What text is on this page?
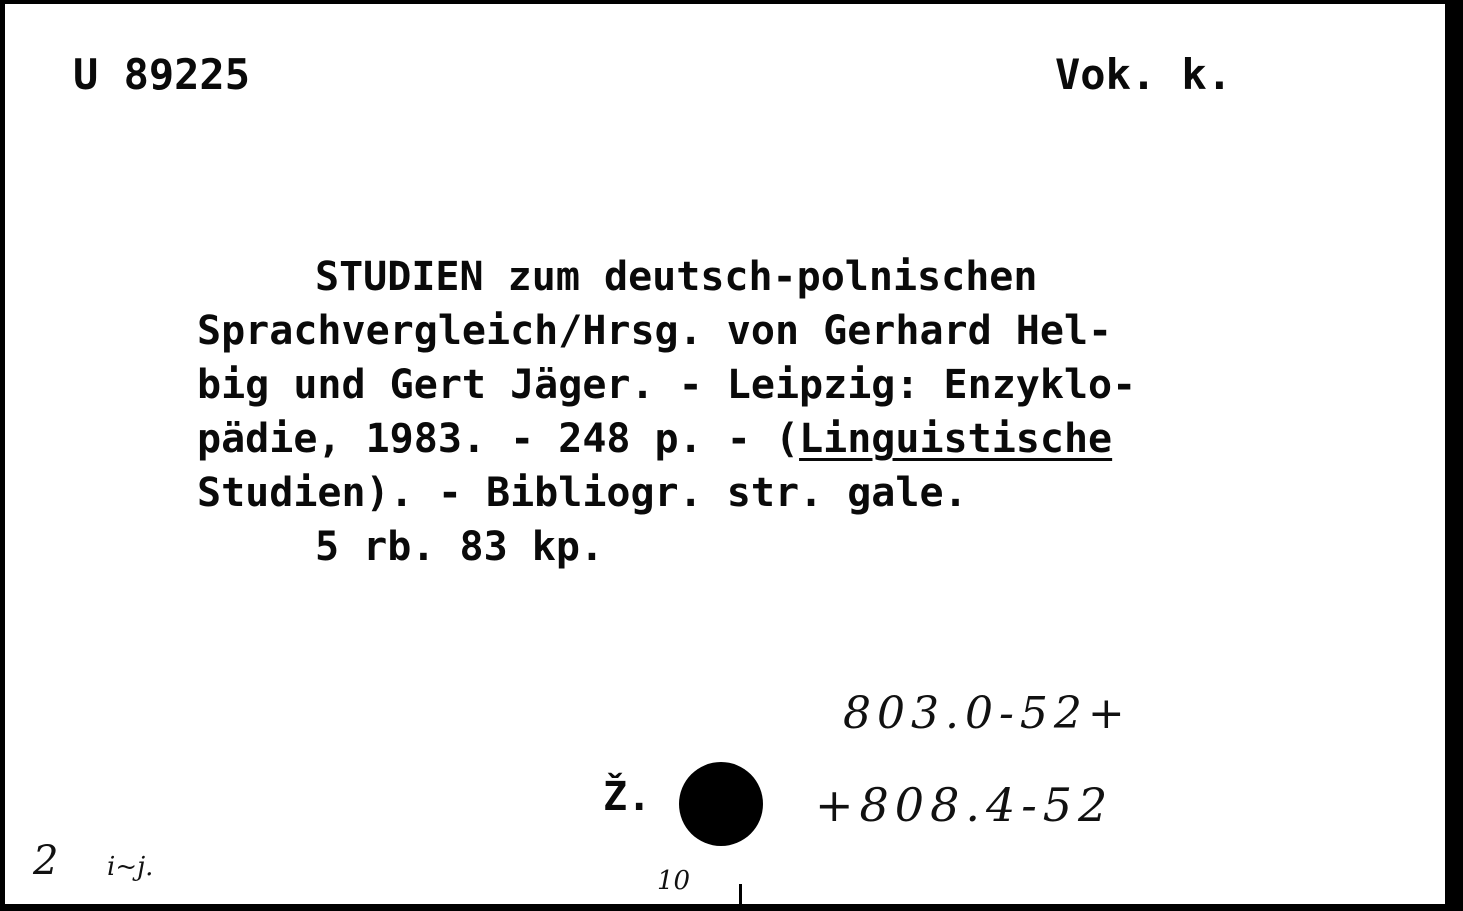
U 89225	Vok. k.
STUDIEN zum deutsch-polnischen
Sprachvergleich/Hrsg. von Gerhard Hel-
big und Gert Jäger. - Leipzig: Enzyklo-
pädie, 1983. - 248 p. - (Linguistische
Studien). - Bibliogr. str. gale.
5 rb. 83 kp.
803.0-52+
Ž.	+808.4-52
2 i~j.	10
